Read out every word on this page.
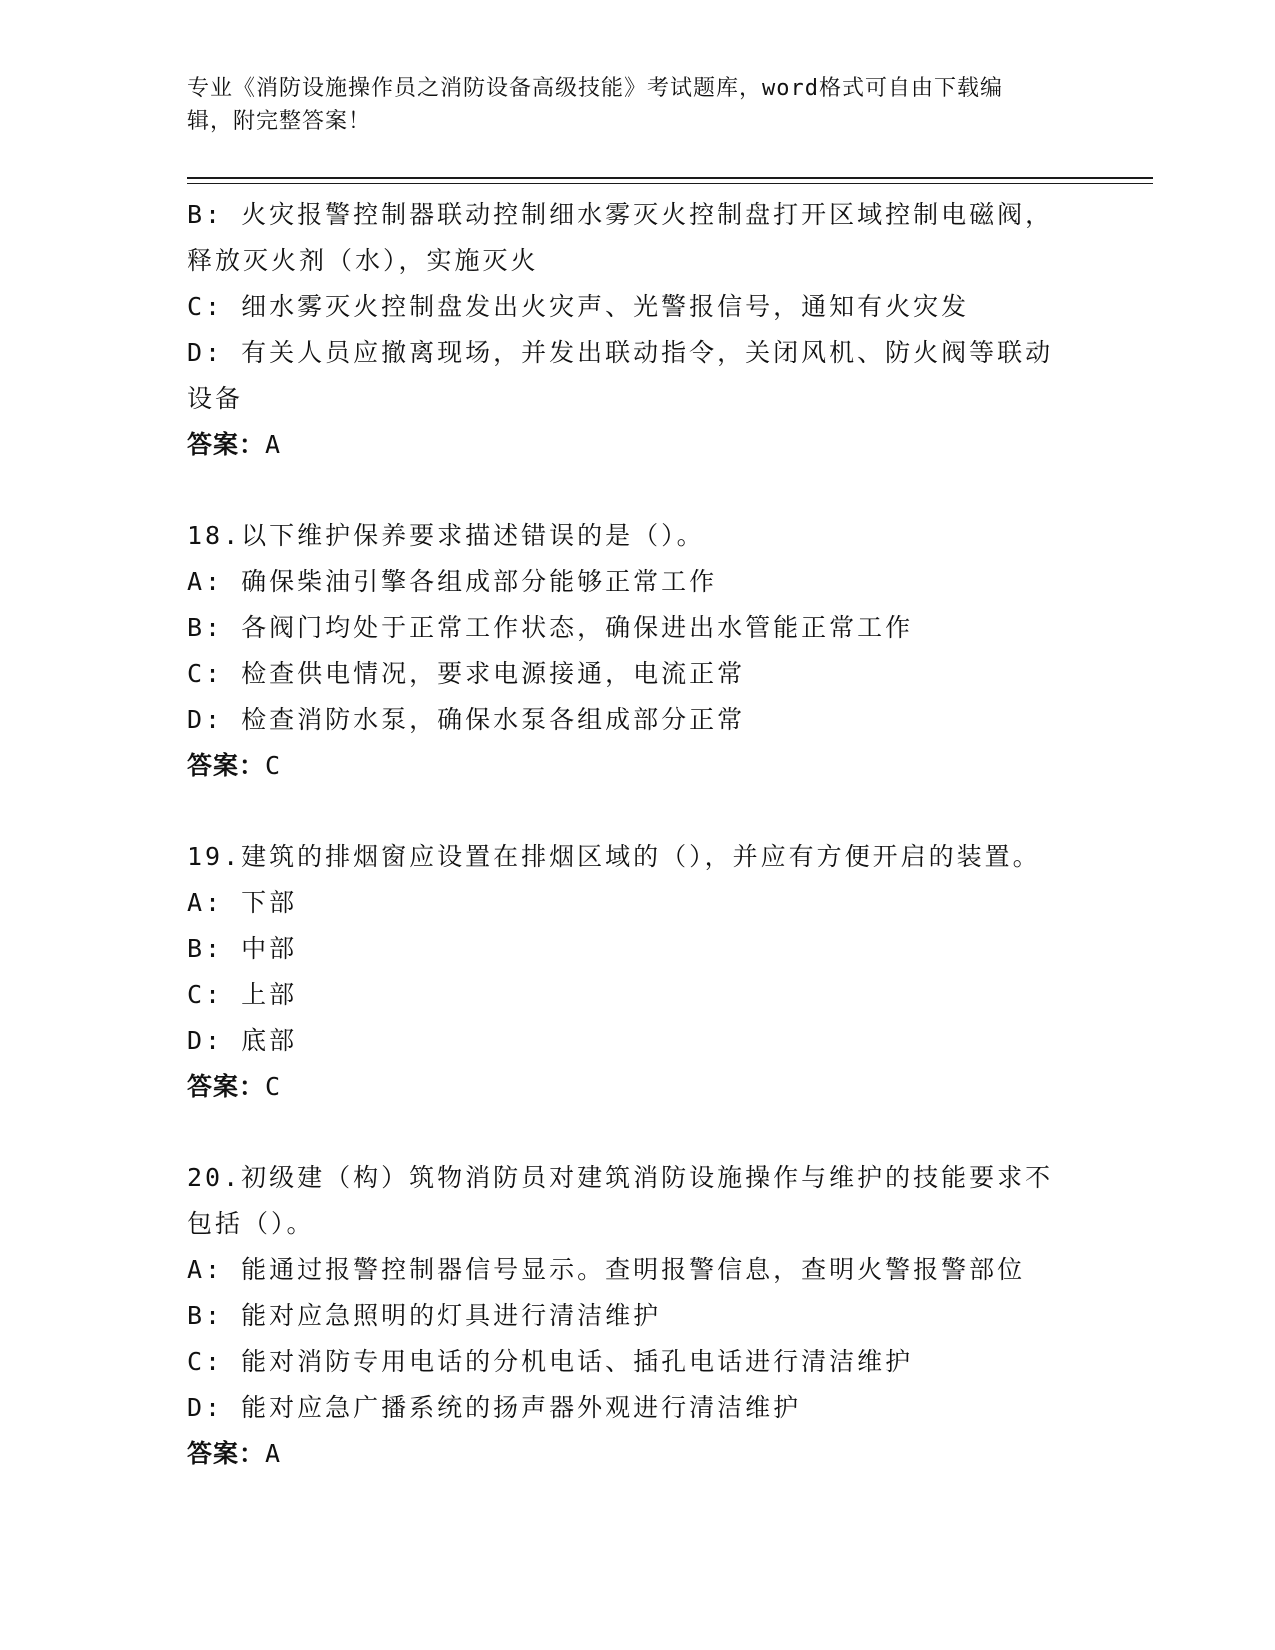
专业《消防设施操作员之消防设备高级技能》考试题库，word格式可自由下载编
辑，附完整答案！
B: 火灾报警控制器联动控制细水雾灭火控制盘打开区域控制电磁阀，
释放灭火剂（水），实施灭火
C: 细水雾灭火控制盘发出火灾声、光警报信号，通知有火灾发
D: 有关人员应撤离现场，并发出联动指令，关闭风机、防火阀等联动
设备
答案：A
18.以下维护保养要求描述错误的是（）。
A: 确保柴油引擎各组成部分能够正常工作
B: 各阀门均处于正常工作状态，确保进出水管能正常工作
C: 检查供电情况，要求电源接通，电流正常
D: 检查消防水泵，确保水泵各组成部分正常
答案：C
19.建筑的排烟窗应设置在排烟区域的（），并应有方便开启的装置。
A: 下部
B: 中部
C: 上部
D: 底部
答案：C
20.初级建（构）筑物消防员对建筑消防设施操作与维护的技能要求不
包括（）。
A: 能通过报警控制器信号显示。查明报警信息，查明火警报警部位
B: 能对应急照明的灯具进行清洁维护
C: 能对消防专用电话的分机电话、插孔电话进行清洁维护
D: 能对应急广播系统的扬声器外观进行清洁维护
答案：A
